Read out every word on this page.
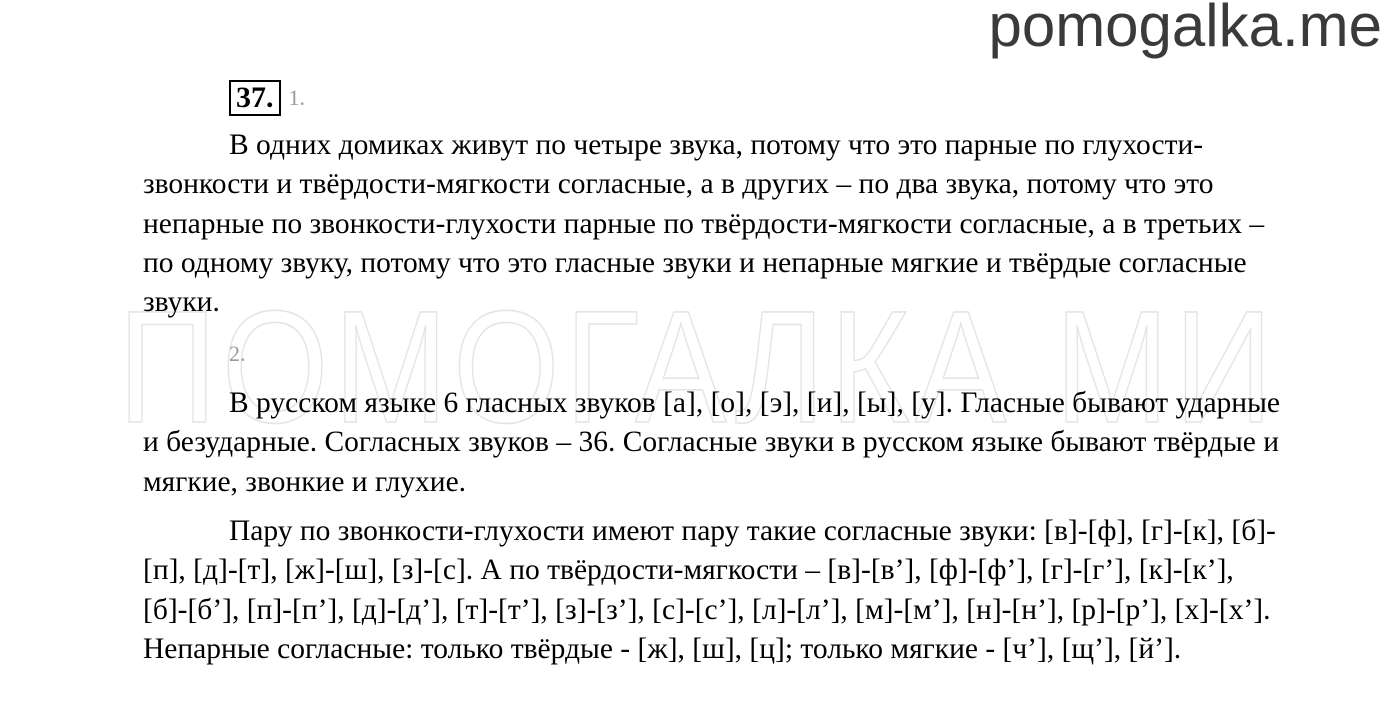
pomogalka.me
ПОМОГАЛКА МИ
37. 1.

В одних домиках живут по четыре звука, потому что это парные по глухости-звонкости и твёрдости-мягкости согласные, а в других – по два звука, потому что это непарные по звонкости-глухости парные по твёрдости-мягкости согласные, а в третьих – по одному звуку, потому что это гласные звуки и непарные мягкие и твёрдые согласные звуки.

2.

В русском языке 6 гласных звуков [а], [о], [э], [и], [ы], [у]. Гласные бывают ударные и безударные. Согласных звуков – 36. Согласные звуки в русском языке бывают твёрдые и мягкие, звонкие и глухие.

Пару по звонкости-глухости имеют пару такие согласные звуки: [в]-[ф], [г]-[к], [б]-[п], [д]-[т], [ж]-[ш], [з]-[с]. А по твёрдости-мягкости – [в]-[в’], [ф]-[ф’], [г]-[г’], [к]-[к’], [б]-[б’], [п]-[п’], [д]-[д’], [т]-[т’], [з]-[з’], [с]-[с’], [л]-[л’], [м]-[м’], [н]-[н’], [р]-[р’], [х]-[х’]. Непарные согласные: только твёрдые - [ж], [ш], [ц]; только мягкие - [ч’], [щ’], [й’].
